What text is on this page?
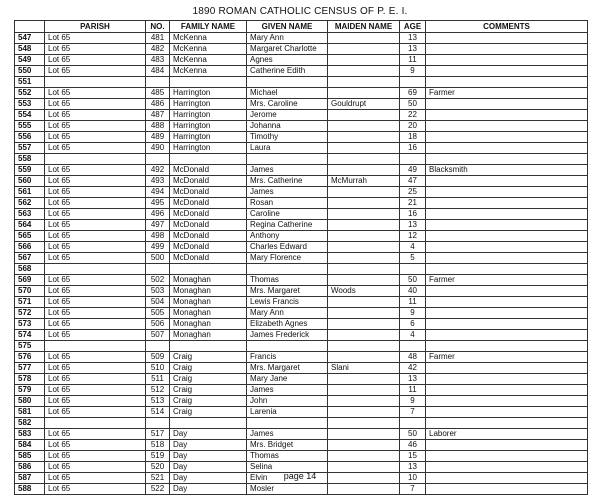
1890 ROMAN CATHOLIC CENSUS OF P. E. I.
	PARISH	NO.	FAMILY NAME	GIVEN NAME	MAIDEN NAME	AGE	COMMENTS
547	Lot 65	481	McKenna	Mary Ann		13	
548	Lot 65	482	McKenna	Margaret Charlotte		13	
549	Lot 65	483	McKenna	Agnes		11	
550	Lot 65	484	McKenna	Catherine Edith		9	
551							
552	Lot 65	485	Harrington	Michael		69	Farmer
553	Lot 65	486	Harrington	Mrs. Caroline	Gouldrupt	50	
554	Lot 65	487	Harrington	Jerome		22	
555	Lot 65	488	Harrington	Johanna		20	
556	Lot 65	489	Harrington	Timothy		18	
557	Lot 65	490	Harrington	Laura		16	
558							
559	Lot 65	492	McDonald	James		49	Blacksmith
560	Lot 65	493	McDonald	Mrs. Catherine	McMurrah	47	
561	Lot 65	494	McDonald	James		25	
562	Lot 65	495	McDonald	Rosan		21	
563	Lot 65	496	McDonald	Caroline		16	
564	Lot 65	497	McDonald	Regina Catherine		13	
565	Lot 65	498	McDonald	Anthony		12	
566	Lot 65	499	McDonald	Charles Edward		4	
567	Lot 65	500	McDonald	Mary Florence		5	
568							
569	Lot 65	502	Monaghan	Thomas		50	Farmer
570	Lot 65	503	Monaghan	Mrs. Margaret	Woods	40	
571	Lot 65	504	Monaghan	Lewis Francis		11	
572	Lot 65	505	Monaghan	Mary Ann		9	
573	Lot 65	506	Monaghan	Elizabeth Agnes		6	
574	Lot 65	507	Monaghan	James Frederick		4	
575							
576	Lot 65	509	Craig	Francis		48	Farmer
577	Lot 65	510	Craig	Mrs. Margaret	Slani	42	
578	Lot 65	511	Craig	Mary Jane		13	
579	Lot 65	512	Craig	James		11	
580	Lot 65	513	Craig	John		9	
581	Lot 65	514	Craig	Larenia		7	
582							
583	Lot 65	517	Day	James		50	Laborer
584	Lot 65	518	Day	Mrs. Bridget		46	
585	Lot 65	519	Day	Thomas		15	
586	Lot 65	520	Day	Selina		13	
587	Lot 65	521	Day	Elvin		10	
588	Lot 65	522	Day	Mosler		7	
page 14
